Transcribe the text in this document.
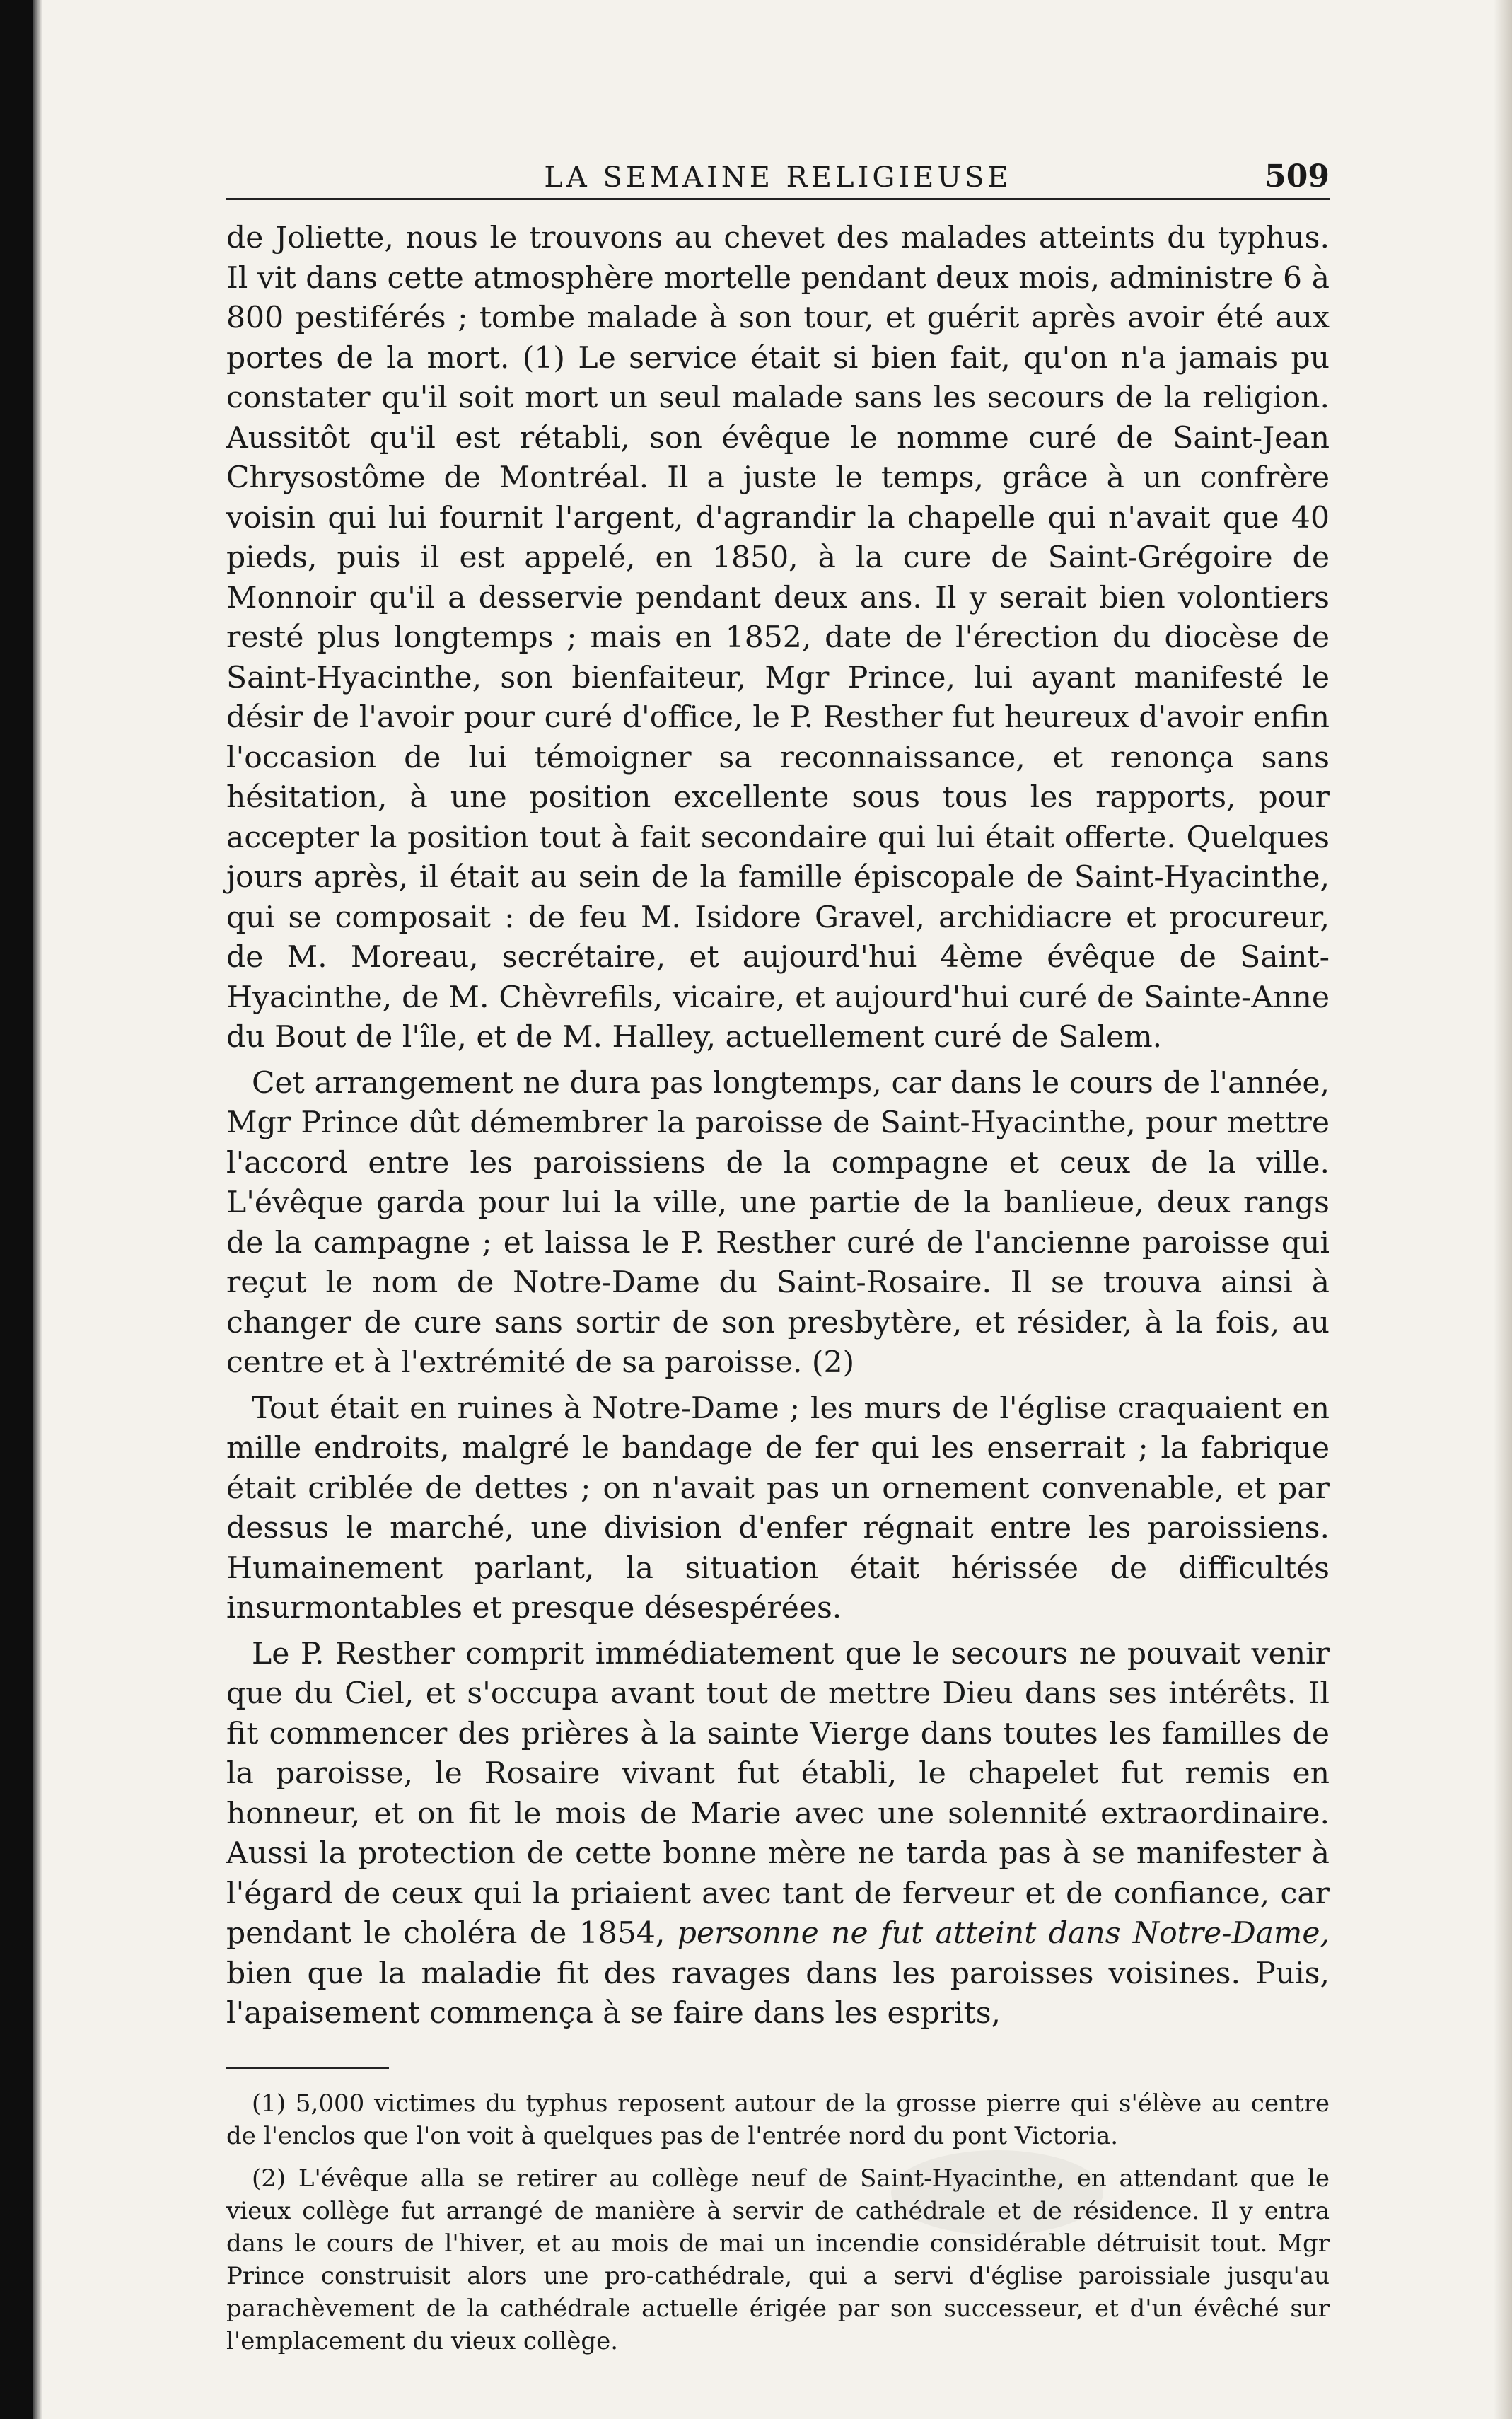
LA SEMAINE RELIGIEUSE	509

de Joliette, nous le trouvons au chevet des malades atteints du typhus. Il vit dans cette atmosphère mortelle pendant deux mois, administre 6 à 800 pestiférés ; tombe malade à son tour, et guérit après avoir été aux portes de la mort. (1) Le service était si bien fait, qu'on n'a jamais pu constater qu'il soit mort un seul malade sans les secours de la religion. Aussitôt qu'il est rétabli, son évêque le nomme curé de Saint-Jean Chrysostôme de Montréal. Il a juste le temps, grâce à un confrère voisin qui lui fournit l'argent, d'agrandir la chapelle qui n'avait que 40 pieds, puis il est appelé, en 1850, à la cure de Saint-Grégoire de Monnoir qu'il a desservie pendant deux ans. Il y serait bien volontiers resté plus longtemps ; mais en 1852, date de l'érection du diocèse de Saint-Hyacinthe, son bienfaiteur, Mgr Prince, lui ayant manifesté le désir de l'avoir pour curé d'office, le P. Resther fut heureux d'avoir enfin l'occasion de lui témoigner sa reconnaissance, et renonça sans hésitation, à une position excellente sous tous les rapports, pour accepter la position tout à fait secondaire qui lui était offerte. Quelques jours après, il était au sein de la famille épiscopale de Saint-Hyacinthe, qui se composait : de feu M. Isidore Gravel, archidiacre et procureur, de M. Moreau, secrétaire, et aujourd'hui 4ème évêque de Saint-Hyacinthe, de M. Chèvrefils, vicaire, et aujourd'hui curé de Sainte-Anne du Bout de l'île, et de M. Halley, actuellement curé de Salem.

Cet arrangement ne dura pas longtemps, car dans le cours de l'année, Mgr Prince dût démembrer la paroisse de Saint-Hyacinthe, pour mettre l'accord entre les paroissiens de la compagne et ceux de la ville. L'évêque garda pour lui la ville, une partie de la banlieue, deux rangs de la campagne ; et laissa le P. Resther curé de l'ancienne paroisse qui reçut le nom de Notre-Dame du Saint-Rosaire. Il se trouva ainsi à changer de cure sans sortir de son presbytère, et résider, à la fois, au centre et à l'extrémité de sa paroisse. (2)

Tout était en ruines à Notre-Dame ; les murs de l'église craquaient en mille endroits, malgré le bandage de fer qui les enserrait ; la fabrique était criblée de dettes ; on n'avait pas un ornement convenable, et par dessus le marché, une division d'enfer régnait entre les paroissiens. Humainement parlant, la situation était hérissée de difficultés insurmontables et presque désespérées.

Le P. Resther comprit immédiatement que le secours ne pouvait venir que du Ciel, et s'occupa avant tout de mettre Dieu dans ses intérêts. Il fit commencer des prières à la sainte Vierge dans toutes les familles de la paroisse, le Rosaire vivant fut établi, le chapelet fut remis en honneur, et on fit le mois de Marie avec une solennité extraordinaire. Aussi la protection de cette bonne mère ne tarda pas à se manifester à l'égard de ceux qui la priaient avec tant de ferveur et de confiance, car pendant le choléra de 1854, personne ne fut atteint dans Notre-Dame, bien que la maladie fit des ravages dans les paroisses voisines. Puis, l'apaisement commença à se faire dans les esprits,

(1) 5,000 victimes du typhus reposent autour de la grosse pierre qui s'élève au centre de l'enclos que l'on voit à quelques pas de l'entrée nord du pont Victoria.

(2) L'évêque alla se retirer au collège neuf de Saint-Hyacinthe, en attendant que le vieux collège fut arrangé de manière à servir de cathédrale et de résidence. Il y entra dans le cours de l'hiver, et au mois de mai un incendie considérable détruisit tout. Mgr Prince construisit alors une pro-cathédrale, qui a servi d'église paroissiale jusqu'au parachèvement de la cathédrale actuelle érigée par son successeur, et d'un évêché sur l'emplacement du vieux collège.
